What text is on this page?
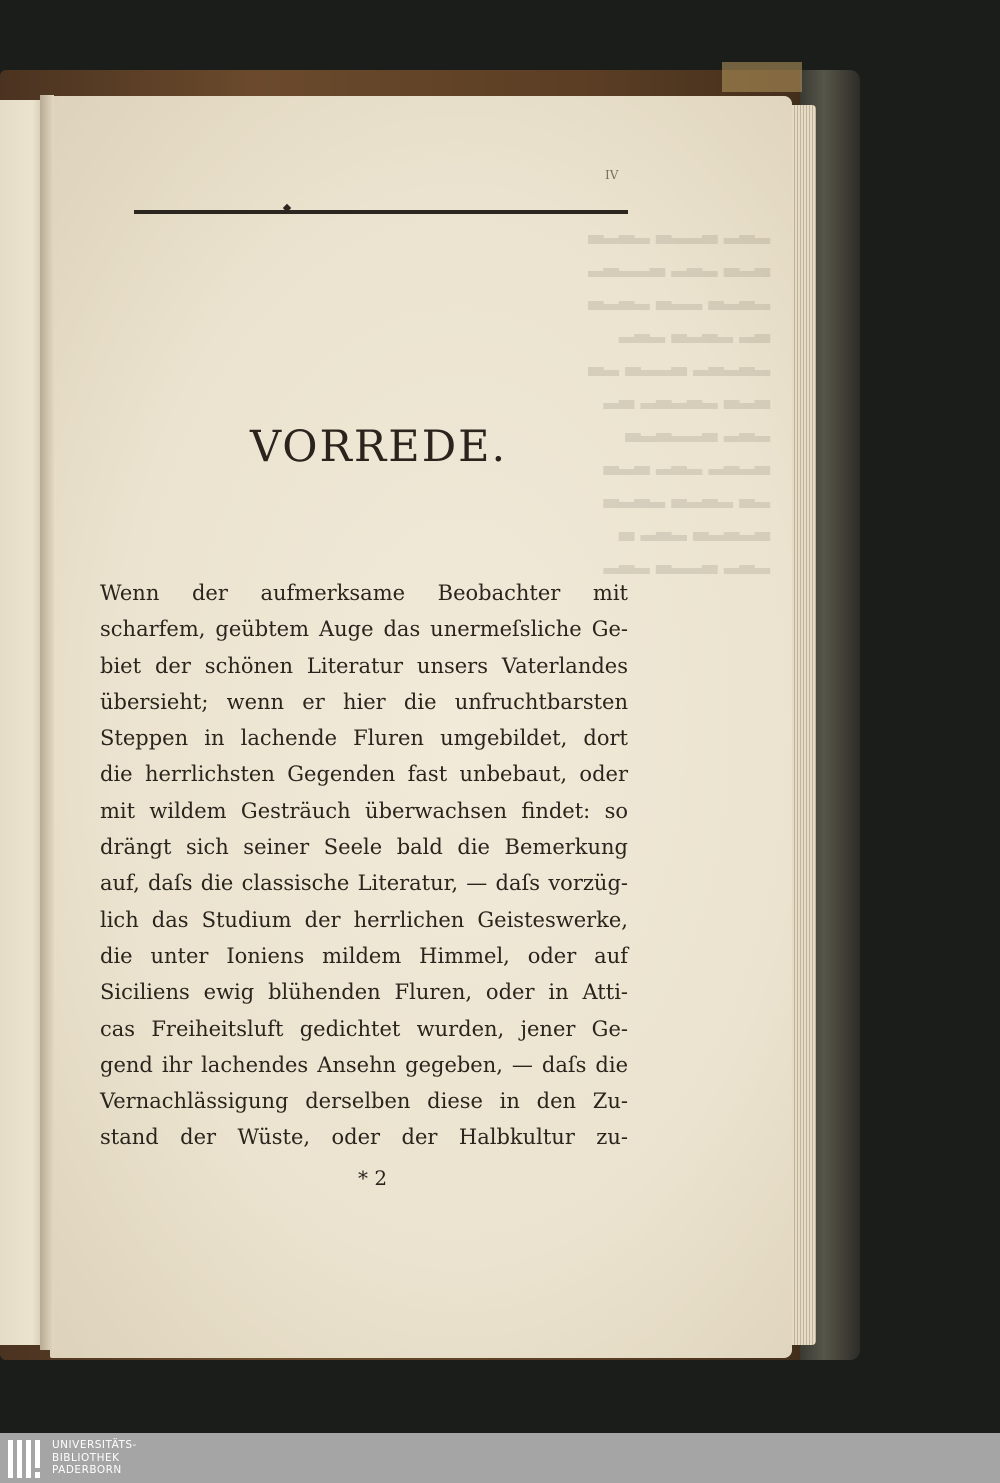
▂▃▂ ▃▂▂▃ ▂▃▂▃
▃▂▃ ▂▃▂ ▃▂▂▃▂
▂▃▂▃ ▂▂▃ ▂▃▂▃
▃▂ ▂▃▂▃ ▂▃▂
▂▃▂▃▂ ▃▂▂▃ ▂▃
▃▂▃ ▂▃▂▃▂ ▃▂
▂▃▂ ▃▂▂▃▂▃
▃▂▃▂ ▂▃▂ ▃▂▃
▂▃ ▂▃▂▃ ▂▃▂▃
▃▂▃▂▃ ▂▃▂ ▃
▂▃▂ ▃▂▂▃ ▂▃▂
IV
VORREDE.
Wenn der aufmerksame Beobachter mit
scharfem, geübtem Auge das unermeſsliche Ge-
biet der schönen Literatur unsers Vaterlandes
übersieht; wenn er hier die unfruchtbarsten
Steppen in lachende Fluren umgebildet, dort
die herrlichsten Gegenden fast unbebaut, oder
mit wildem Gesträuch überwachsen findet: so
drängt sich seiner Seele bald die Bemerkung
auf, daſs die classische Literatur, — daſs vorzüg-
lich das Studium der herrlichen Geisteswerke,
die unter Ioniens mildem Himmel, oder auf
Siciliens ewig blühenden Fluren, oder in Atti-
cas Freiheitsluft gedichtet wurden, jener Ge-
gend ihr lachendes Ansehn gegeben, — daſs die
Vernachlässigung derselben diese in den Zu-
stand der Wüste, oder der Halbkultur zu-
* 2
UNIVERSITÄTS-
BIBLIOTHEK
PADERBORN
